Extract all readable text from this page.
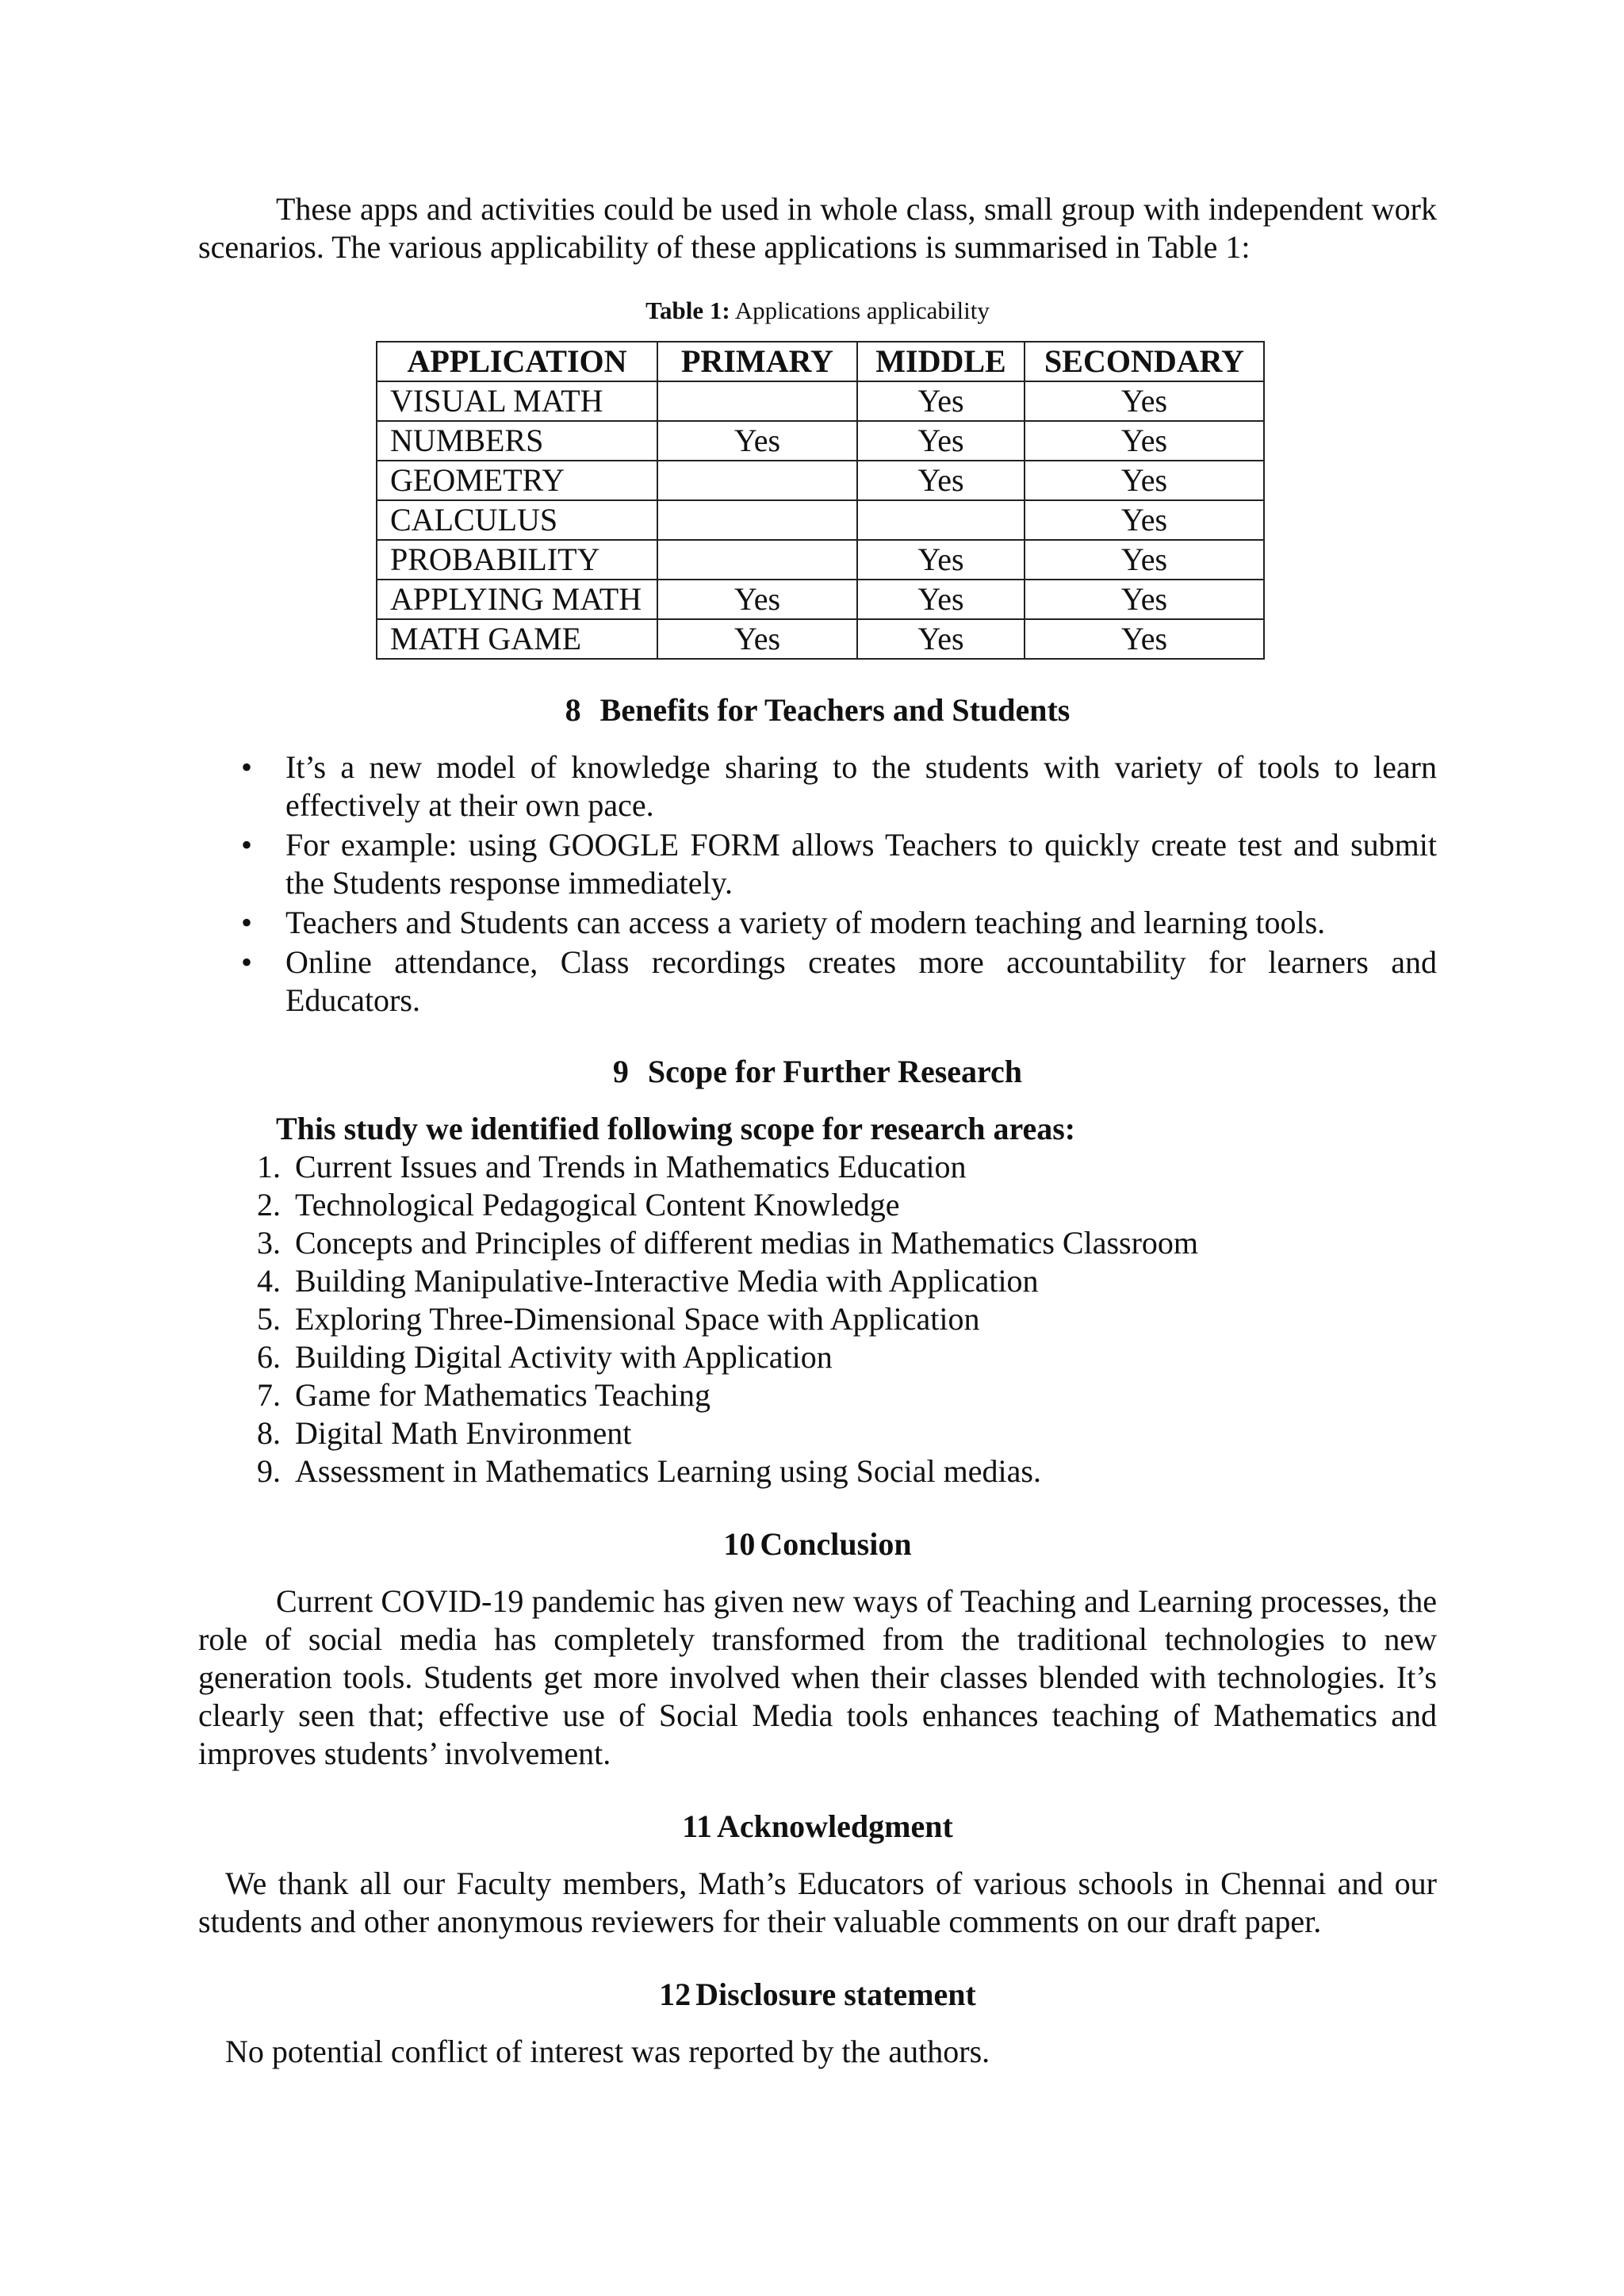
These apps and activities could be used in whole class, small group with independent work scenarios. The various applicability of these applications is summarised in Table 1:

Table 1: Applications applicability
APPLICATION	PRIMARY	MIDDLE	SECONDARY
VISUAL MATH		Yes	Yes
NUMBERS	Yes	Yes	Yes
GEOMETRY		Yes	Yes
CALCULUS			Yes
PROBABILITY		Yes	Yes
APPLYING MATH	Yes	Yes	Yes
MATH GAME	Yes	Yes	Yes
8 Benefits for Teachers and Students
• It’s a new model of knowledge sharing to the students with variety of tools to learn effectively at their own pace.
• For example: using GOOGLE FORM allows Teachers to quickly create test and submit the Students response immediately.
• Teachers and Students can access a variety of modern teaching and learning tools.
• Online attendance, Class recordings creates more accountability for learners and Educators.
9 Scope for Further Research
This study we identified following scope for research areas:
1. Current Issues and Trends in Mathematics Education
2. Technological Pedagogical Content Knowledge
3. Concepts and Principles of different medias in Mathematics Classroom
4. Building Manipulative-Interactive Media with Application
5. Exploring Three-Dimensional Space with Application
6. Building Digital Activity with Application
7. Game for Mathematics Teaching
8. Digital Math Environment
9. Assessment in Mathematics Learning using Social medias.
10 Conclusion

Current COVID-19 pandemic has given new ways of Teaching and Learning processes, the role of social media has completely transformed from the traditional technologies to new generation tools. Students get more involved when their classes blended with technologies. It’s clearly seen that; effective use of Social Media tools enhances teaching of Mathematics and improves students’ involvement.

11 Acknowledgment

We thank all our Faculty members, Math’s Educators of various schools in Chennai and our students and other anonymous reviewers for their valuable comments on our draft paper.

12 Disclosure statement

No potential conflict of interest was reported by the authors.
